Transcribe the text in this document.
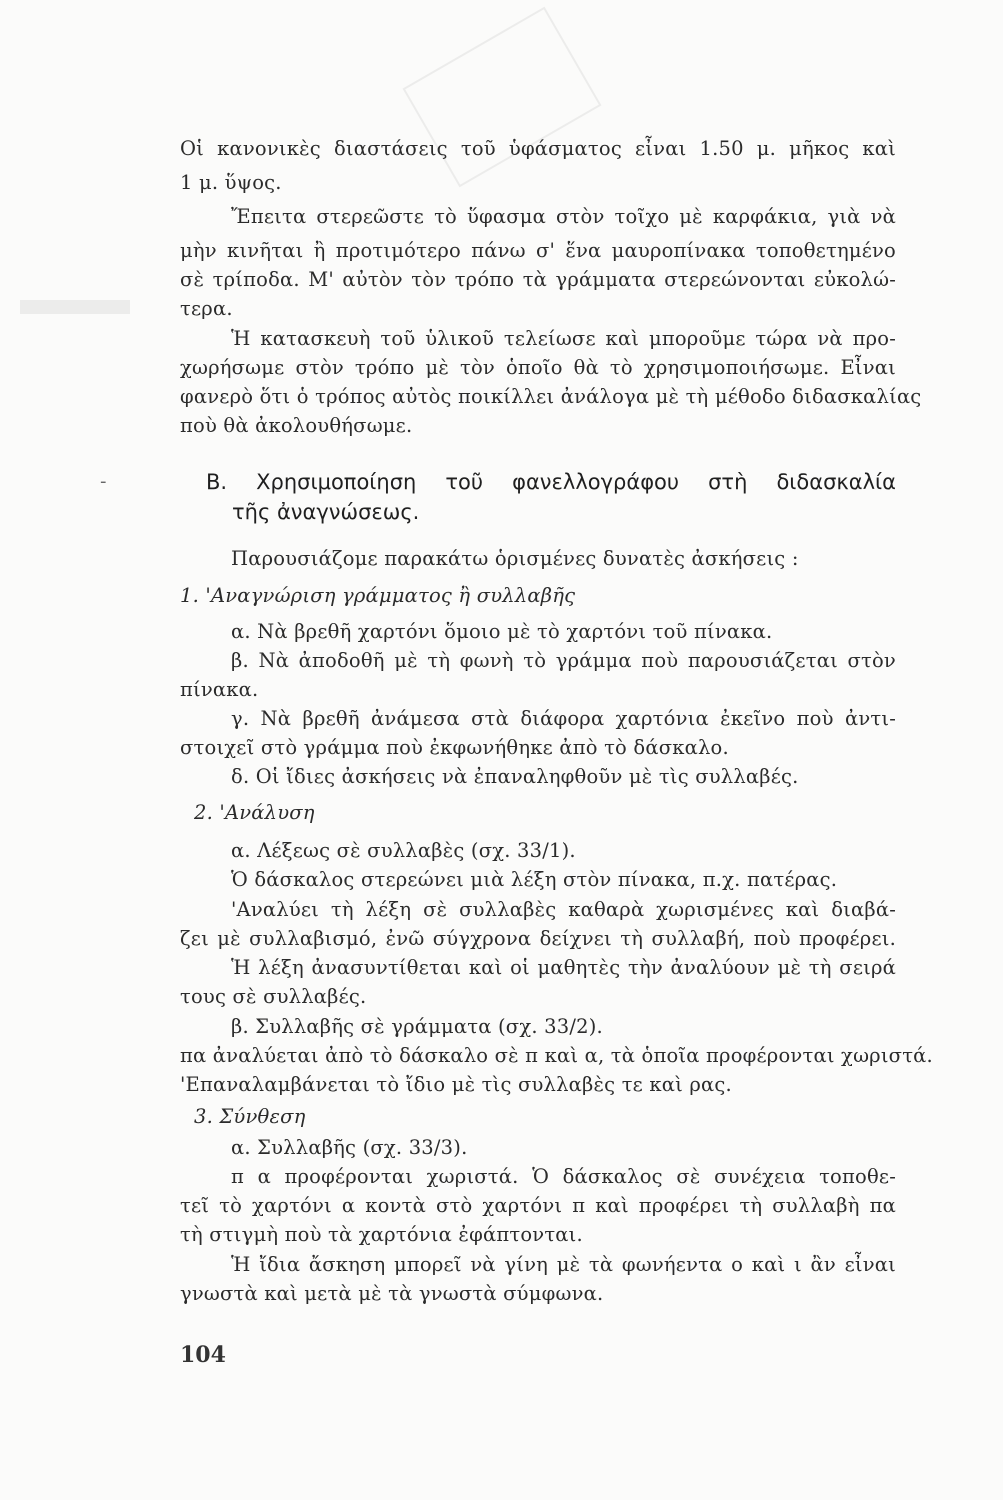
Οἱ κανονικὲς διαστάσεις τοῦ ὑφάσματος εἶναι 1.50 μ. μῆκος καὶ
1 μ. ὕψος.
Ἔπειτα στερεῶστε τὸ ὕφασμα στὸν τοῖχο μὲ καρφάκια, γιὰ νὰ
μὴν κινῆται ἢ προτιμότερο πάνω σ' ἕνα μαυροπίνακα τοποθετημένο
σὲ τρίποδα. Μ' αὐτὸν τὸν τρόπο τὰ γράμματα στερεώνονται εὐκολώ-
τερα.
Ἡ κατασκευὴ τοῦ ὑλικοῦ τελείωσε καὶ μποροῦμε τώρα νὰ προ-
χωρήσωμε στὸν τρόπο μὲ τὸν ὁποῖο θὰ τὸ χρησιμοποιήσωμε. Εἶναι
φανερὸ ὅτι ὁ τρόπος αὐτὸς ποικίλλει ἀνάλογα μὲ τὴ μέθοδο διδασκαλίας
ποὺ θὰ ἀκολουθήσωμε.
-	Β. Χρησιμοποίηση τοῦ φανελλογράφου στὴ διδασκαλία
τῆς ἀναγνώσεως.
Παρουσιάζομε παρακάτω ὁρισμένες δυνατὲς ἀσκήσεις :
1. 'Αναγνώριση γράμματος ἢ συλλαβῆς
α. Νὰ βρεθῆ χαρτόνι ὅμοιο μὲ τὸ χαρτόνι τοῦ πίνακα.
β. Νὰ ἀποδοθῆ μὲ τὴ φωνὴ τὸ γράμμα ποὺ παρουσιάζεται στὸν
πίνακα.
γ. Νὰ βρεθῆ ἀνάμεσα στὰ διάφορα χαρτόνια ἐκεῖνο ποὺ ἀντι-
στοιχεῖ στὸ γράμμα ποὺ ἐκφωνήθηκε ἀπὸ τὸ δάσκαλο.
δ. Οἱ ἴδιες ἀσκήσεις νὰ ἐπαναληφθοῦν μὲ τὶς συλλαβές.
2. 'Ανάλυση
α. Λέξεως σὲ συλλαβὲς (σχ. 33/1).
Ὁ δάσκαλος στερεώνει μιὰ λέξη στὸν πίνακα, π.χ. πατέρας.
'Αναλύει τὴ λέξη σὲ συλλαβὲς καθαρὰ χωρισμένες καὶ διαβά-
ζει μὲ συλλαβισμό, ἐνῶ σύγχρονα δείχνει τὴ συλλαβή, ποὺ προφέρει.
Ἡ λέξη ἀνασυντίθεται καὶ οἱ μαθητὲς τὴν ἀναλύουν μὲ τὴ σειρά
τους σὲ συλλαβές.
β. Συλλαβῆς σὲ γράμματα (σχ. 33/2).
πα ἀναλύεται ἀπὸ τὸ δάσκαλο σὲ π καὶ α, τὰ ὁποῖα προφέρονται χωριστά.
'Επαναλαμβάνεται τὸ ἴδιο μὲ τὶς συλλαβὲς τε καὶ ρας.
3. Σύνθεση
α. Συλλαβῆς (σχ. 33/3).
π α προφέρονται χωριστά. Ὁ δάσκαλος σὲ συνέχεια τοποθε-
τεῖ τὸ χαρτόνι α κοντὰ στὸ χαρτόνι π καὶ προφέρει τὴ συλλαβὴ πα
τὴ στιγμὴ ποὺ τὰ χαρτόνια ἐφάπτονται.
Ἡ ἴδια ἄσκηση μπορεῖ νὰ γίνη μὲ τὰ φωνήεντα ο καὶ ι ἂν εἶναι
γνωστὰ καὶ μετὰ μὲ τὰ γνωστὰ σύμφωνα.
104
